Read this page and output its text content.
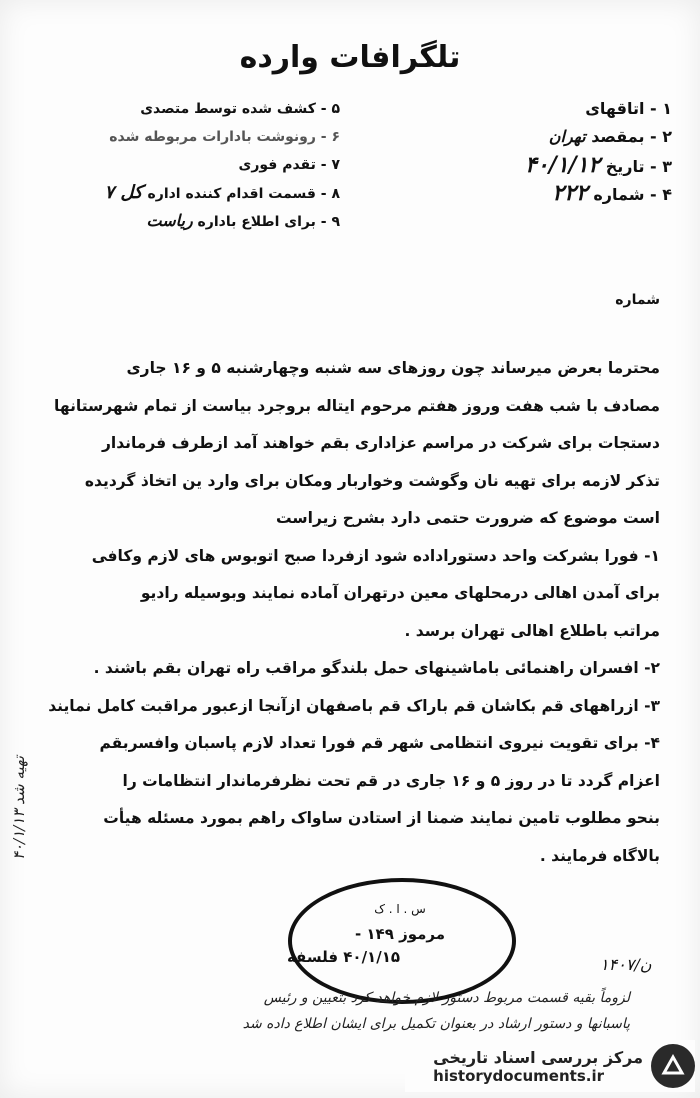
تلگرافات وارده
۱ - اتاقهای
۲ - بمقصد تهران
۳ - تاریخ ۴۰/۱/۱۲
۴ - شماره ۲۲۲
۵ - کشف شده توسط متصدی
۶ - رونوشت بادارات مربوطه شده
۷ - تقدم فوری
۸ - قسمت اقدام کننده اداره کل ۷
۹ - برای اطلاع باداره ریاست
شماره

محترما بعرض میرساند چون روزهای سه شنبه وچهارشنبه ۵ و ۱۶ جاری

مصادف با شب هفت وروز هفتم مرحوم ایتاله بروجرد بیاست از تمام شهرستانها

دستجات برای شرکت در مراسم عزاداری بقم خواهند آمد ازطرف فرماندار

تذکر لازمه برای تهیه نان وگوشت وخواربار ومکان برای وارد ین اتخاذ گردیده

است موضوع که ضرورت حتمی دارد بشرح زیراست

۱- فورا بشرکت واحد دستوراداده شود ازفردا صبح اتوبوس های لازم وکافی

برای آمدن اهالی درمحلهای معین درتهران آماده نمایند وبوسیله رادیو

مراتب باطلاع اهالی تهران برسد .

۲- افسران راهنمائی باماشینهای حمل بلندگو مراقب راه تهران بقم باشند .

۳- ازراههای قم بکاشان قم باراک قم باصفهان ازآنجا ازعبور مراقبت کامل نمایند

۴- برای تقویت نیروی انتظامی شهر قم فورا تعداد لازم پاسبان وافسربقم

اعزام گردد تا در روز ۵ و ۱۶ جاری در قم تحت نظرفرماندار انتظامات را

بنحو مطلوب تامین نمایند ضمنا از استادن ساواک راهم بمورد مسئله هیأت

بالاگاه فرمایند .

۴۰/۱/۱۳ تهیه شد
س . ا . ک
مرموز ۱۴۹ -
۴۰/۱/۱۵ فلسفه	۱۴۰۷/ن
لزوماً بقیه قسمت مربوط دستور لازم خواهد کرد بتعیین و رئیس
پاسبانها و دستور ارشاد در بعنوان تکمیل برای ایشان اطلاع داده شد
مرکز بررسی اسناد تاریخی
historydocuments.ir
